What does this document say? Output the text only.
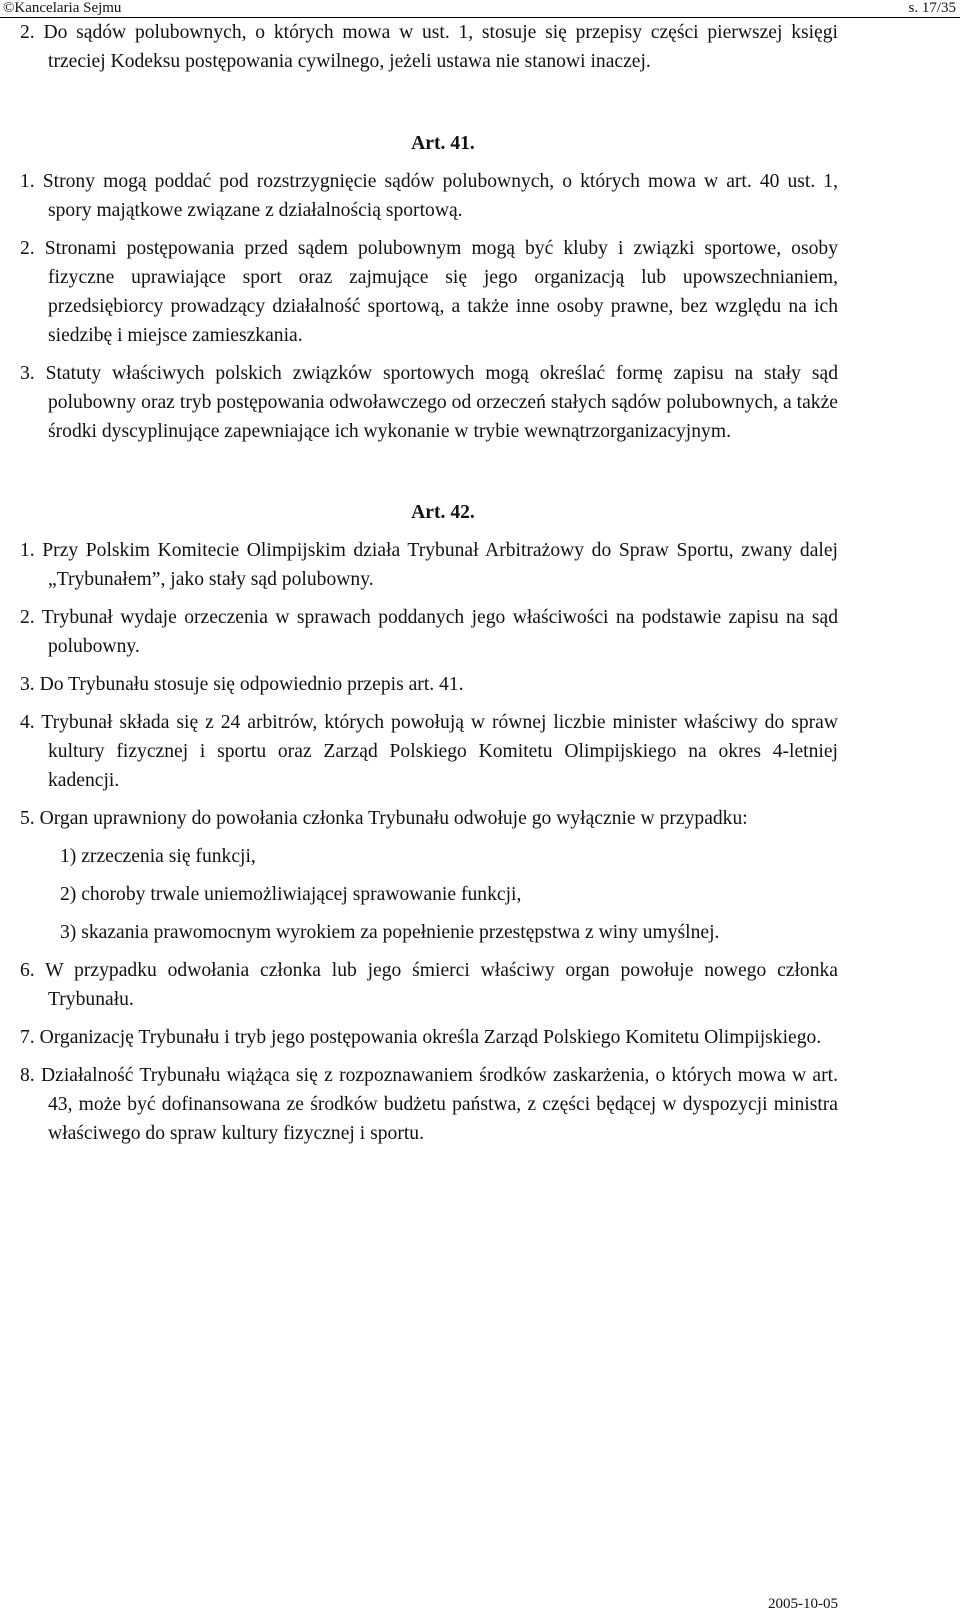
©Kancelaria Sejmu	s. 17/35
2. Do sądów polubownych, o których mowa w ust. 1, stosuje się przepisy części pierwszej księgi trzeciej Kodeksu postępowania cywilnego, jeżeli ustawa nie stanowi inaczej.
Art. 41.
1. Strony mogą poddać pod rozstrzygnięcie sądów polubownych, o których mowa w art. 40 ust. 1, spory majątkowe związane z działalnością sportową.
2. Stronami postępowania przed sądem polubownym mogą być kluby i związki sportowe, osoby fizyczne uprawiające sport oraz zajmujące się jego organizacją lub upowszechnianiem, przedsiębiorcy prowadzący działalność sportową, a także inne osoby prawne, bez względu na ich siedzibę i miejsce zamieszkania.
3. Statuty właściwych polskich związków sportowych mogą określać formę zapisu na stały sąd polubowny oraz tryb postępowania odwoławczego od orzeczeń stałych sądów polubownych, a także środki dyscyplinujące zapewniające ich wykonanie w trybie wewnątrzorganizacyjnym.
Art. 42.
1. Przy Polskim Komitecie Olimpijskim działa Trybunał Arbitrażowy do Spraw Sportu, zwany dalej „Trybunałem”, jako stały sąd polubowny.
2. Trybunał wydaje orzeczenia w sprawach poddanych jego właściwości na podstawie zapisu na sąd polubowny.
3. Do Trybunału stosuje się odpowiednio przepis art. 41.
4. Trybunał składa się z 24 arbitrów, których powołują w równej liczbie minister właściwy do spraw kultury fizycznej i sportu oraz Zarząd Polskiego Komitetu Olimpijskiego na okres 4-letniej kadencji.
5. Organ uprawniony do powołania członka Trybunału odwołuje go wyłącznie w przypadku:
1) zrzeczenia się funkcji,
2) choroby trwale uniemożliwiającej sprawowanie funkcji,
3) skazania prawomocnym wyrokiem za popełnienie przestępstwa z winy umyślnej.
6. W przypadku odwołania członka lub jego śmierci właściwy organ powołuje nowego członka Trybunału.
7. Organizację Trybunału i tryb jego postępowania określa Zarząd Polskiego Komitetu Olimpijskiego.
8. Działalność Trybunału wiążąca się z rozpoznawaniem środków zaskarżenia, o których mowa w art. 43, może być dofinansowana ze środków budżetu państwa, z części będącej w dyspozycji ministra właściwego do spraw kultury fizycznej i sportu.
2005-10-05
